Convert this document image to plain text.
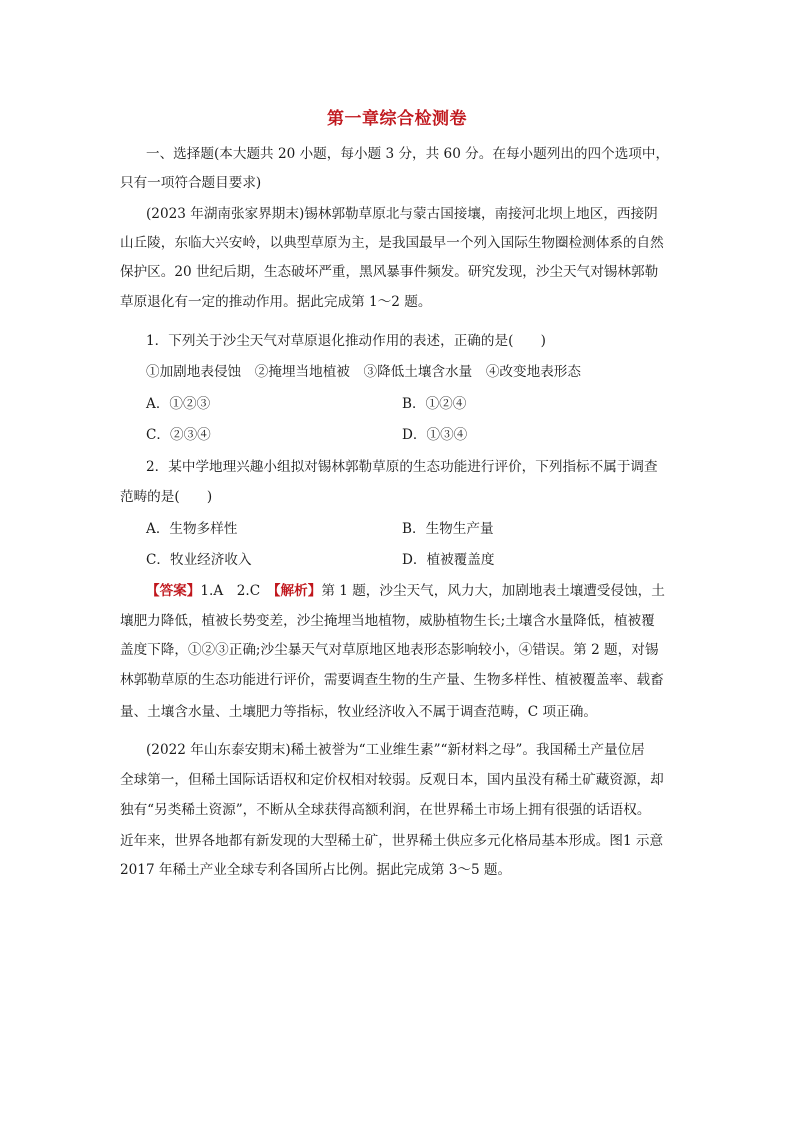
第一章综合检测卷
一、选择题(本大题共 20 小题，每小题 3 分，共 60 分。在每小题列出的四个选项中，
只有一项符合题目要求)
(2023 年湖南张家界期末)锡林郭勒草原北与蒙古国接壤，南接河北坝上地区，西接阴
山丘陵，东临大兴安岭，以典型草原为主，是我国最早一个列入国际生物圈检测体系的自然
保护区。20 世纪后期，生态破坏严重，黑风暴事件频发。研究发现，沙尘天气对锡林郭勒
草原退化有一定的推动作用。据此完成第 1～2 题。
1．下列关于沙尘天气对草原退化推动作用的表述，正确的是(　　)
①加剧地表侵蚀　②掩埋当地植被　③降低土壤含水量　④改变地表形态
A．①②③	B．①②④
C．②③④	D．①③④
2．某中学地理兴趣小组拟对锡林郭勒草原的生态功能进行评价，下列指标不属于调查
范畴的是(　　)
A．生物多样性	B．生物生产量
C．牧业经济收入	D．植被覆盖度
【答案】1.A　2.C　【解析】第 1 题，沙尘天气，风力大，加剧地表土壤遭受侵蚀，土
壤肥力降低，植被长势变差，沙尘掩埋当地植物，威胁植物生长;土壤含水量降低，植被覆
盖度下降，①②③正确;沙尘暴天气对草原地区地表形态影响较小，④错误。第 2 题，对锡
林郭勒草原的生态功能进行评价，需要调查生物的生产量、生物多样性、植被覆盖率、载畜
量、土壤含水量、土壤肥力等指标，牧业经济收入不属于调查范畴，C 项正确。
(2022 年山东泰安期末)稀土被誉为“工业维生素”“新材料之母”。我国稀土产量位居
全球第一，但稀土国际话语权和定价权相对较弱。反观日本，国内虽没有稀土矿藏资源，却
独有“另类稀土资源”，不断从全球获得高额利润，在世界稀土市场上拥有很强的话语权。
近年来，世界各地都有新发现的大型稀土矿，世界稀土供应多元化格局基本形成。图1 示意
2017 年稀土产业全球专利各国所占比例。据此完成第 3～5 题。
